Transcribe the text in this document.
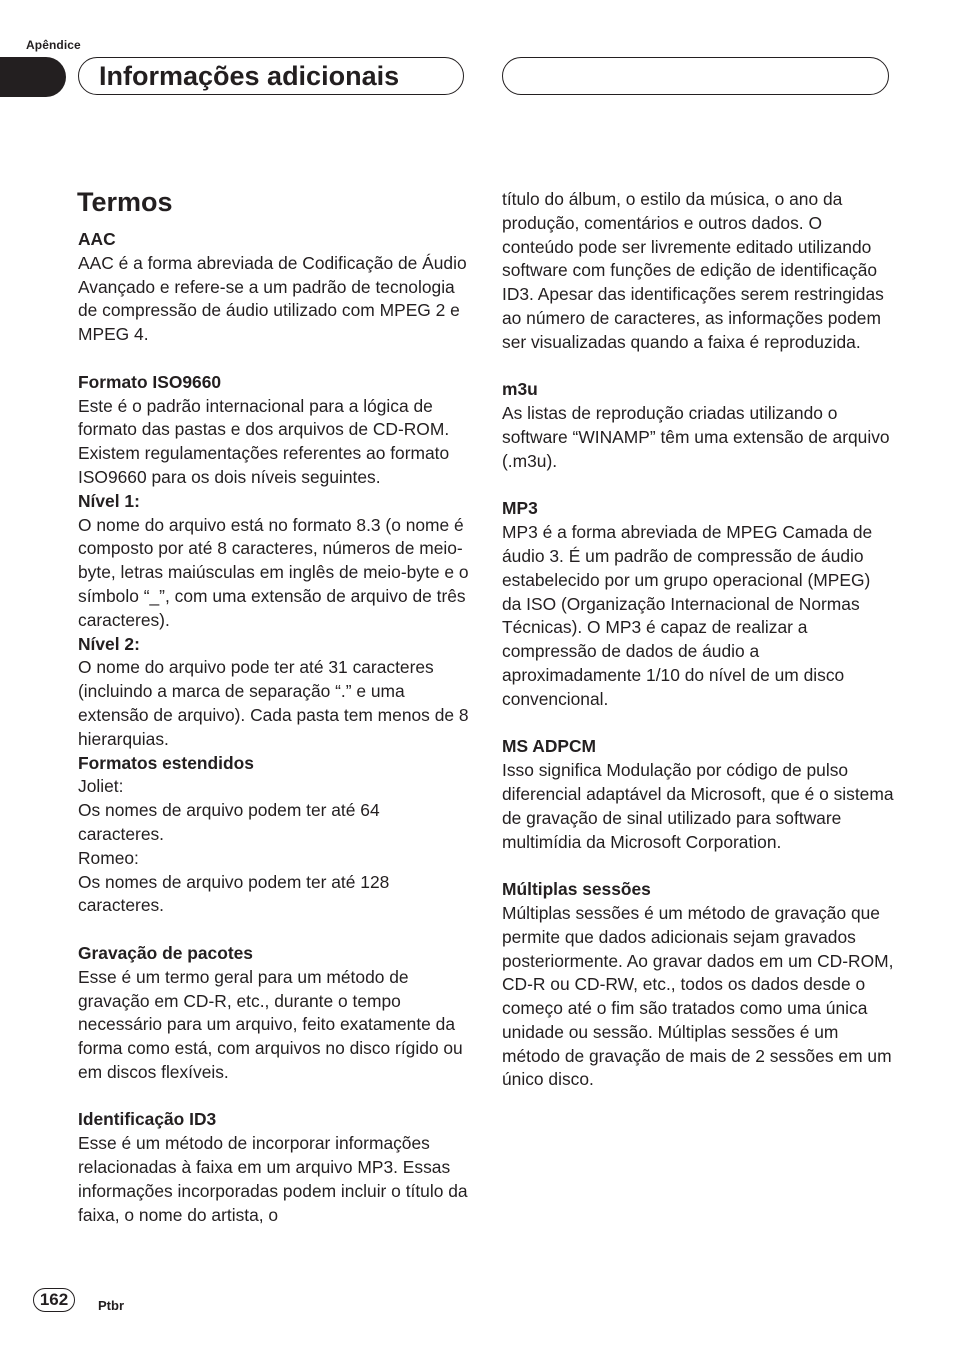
Apêndice
Informações adicionais
Termos
AAC
AAC é a forma abreviada de Codificação de Áudio Avançado e refere-se a um padrão de tecnologia de compressão de áudio utilizado com MPEG 2 e MPEG 4.
Formato ISO9660
Este é o padrão internacional para a lógica de formato das pastas e dos arquivos de CD-ROM. Existem regulamentações referentes ao formato ISO9660 para os dois níveis seguintes.
Nível 1:
O nome do arquivo está no formato 8.3 (o nome é composto por até 8 caracteres, números de meio-byte, letras maiúsculas em inglês de meio-byte e o símbolo “_”, com uma extensão de arquivo de três caracteres).
Nível 2:
O nome do arquivo pode ter até 31 caracteres (incluindo a marca de separação “.” e uma extensão de arquivo). Cada pasta tem menos de 8 hierarquias.
Formatos estendidos
Joliet:
Os nomes de arquivo podem ter até 64 caracteres.
Romeo:
Os nomes de arquivo podem ter até 128 caracteres.
Gravação de pacotes
Esse é um termo geral para um método de gravação em CD-R, etc., durante o tempo necessário para um arquivo, feito exatamente da forma como está, com arquivos no disco rígido ou em discos flexíveis.
Identificação ID3
Esse é um método de incorporar informações relacionadas à faixa em um arquivo MP3. Essas informações incorporadas podem incluir o título da faixa, o nome do artista, o
título do álbum, o estilo da música, o ano da produção, comentários e outros dados. O conteúdo pode ser livremente editado utilizando software com funções de edição de identificação ID3. Apesar das identificações serem restringidas ao número de caracteres, as informações podem ser visualizadas quando a faixa é reproduzida.
m3u
As listas de reprodução criadas utilizando o software “WINAMP” têm uma extensão de arquivo (.m3u).
MP3
MP3 é a forma abreviada de MPEG Camada de áudio 3. É um padrão de compressão de áudio estabelecido por um grupo operacional (MPEG) da ISO (Organização Internacional de Normas Técnicas). O MP3 é capaz de realizar a compressão de dados de áudio a aproximadamente 1/10 do nível de um disco convencional.
MS ADPCM
Isso significa Modulação por código de pulso diferencial adaptável da Microsoft, que é o sistema de gravação de sinal utilizado para software multimídia da Microsoft Corporation.
Múltiplas sessões
Múltiplas sessões é um método de gravação que permite que dados adicionais sejam gravados posteriormente. Ao gravar dados em um CD-ROM, CD-R ou CD-RW, etc., todos os dados desde o começo até o fim são tratados como uma única unidade ou sessão. Múltiplas sessões é um método de gravação de mais de 2 sessões em um único disco.
162	Ptbr
